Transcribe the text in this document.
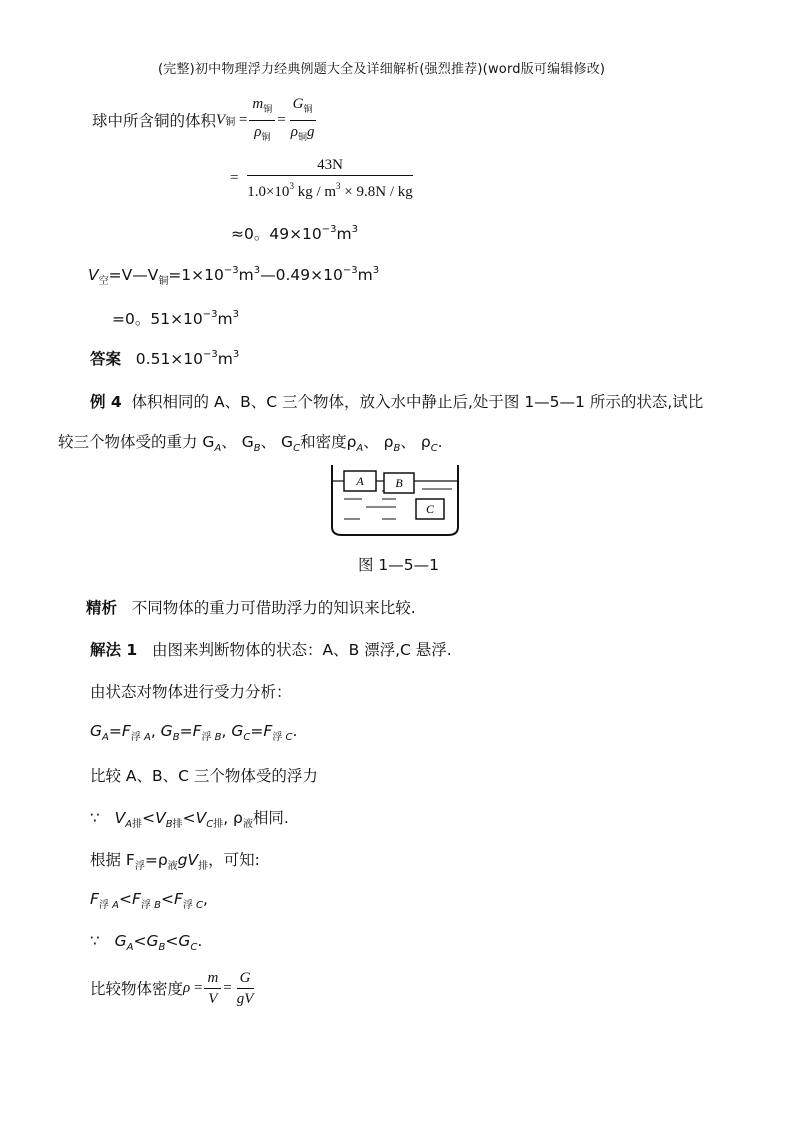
(完整)初中物理浮力经典例题大全及详细解析(强烈推荐)(word版可编辑修改)
球中所含铜的体积 V 铜 = $\frac{m_铜}{\rho_铜} = \frac{G_铜}{\rho_铜g}$
= $\frac{43N}{1.0\times 10^3 kg / m^3 \times 9.8N / kg}$
≈0。$49\times 10^{-3}m^3$
$V_空=V—V_铜=1\times 10^{-3}m^3—0.49\times 10^{-3}m^3$
=0。$51\times 10^{-3}m^3$
答案 $0.51\times 10^{-3}m^3$
例 4 体积相同的 A、B、C 三个物体，放入水中静止后,处于图 1—5—1 所示的状态,试比
较三个物体受的重力 $G_A$、 $G_B$、 $G_C$和密度$\rho_A$、 $\rho_B$、 $\rho_C$.
A	B
C
图 1—5—1
精析 不同物体的重力可借助浮力的知识来比较.
解法 1 由图来判断物体的状态：A、B 漂浮,C 悬浮.
由状态对物体进行受力分析：
$G_A=F_{浮 A}$, $G_B=F_{浮 B}$, $G_C=F_{浮 C}$.
比较 A、B、C 三个物体受的浮力
∵ $V_{A排}<V_{B排}<V_{C排}$, $\rho_液$相同.
根据 $F_浮=\rho_液gV_排$，可知:
$F_{浮 A}<F_{浮 B}<F_{浮 C}$,
∵ $G_A<G_B<G_C$.
比较物体密度 $\rho = \frac{m}{V} = \frac{G}{gV}$
